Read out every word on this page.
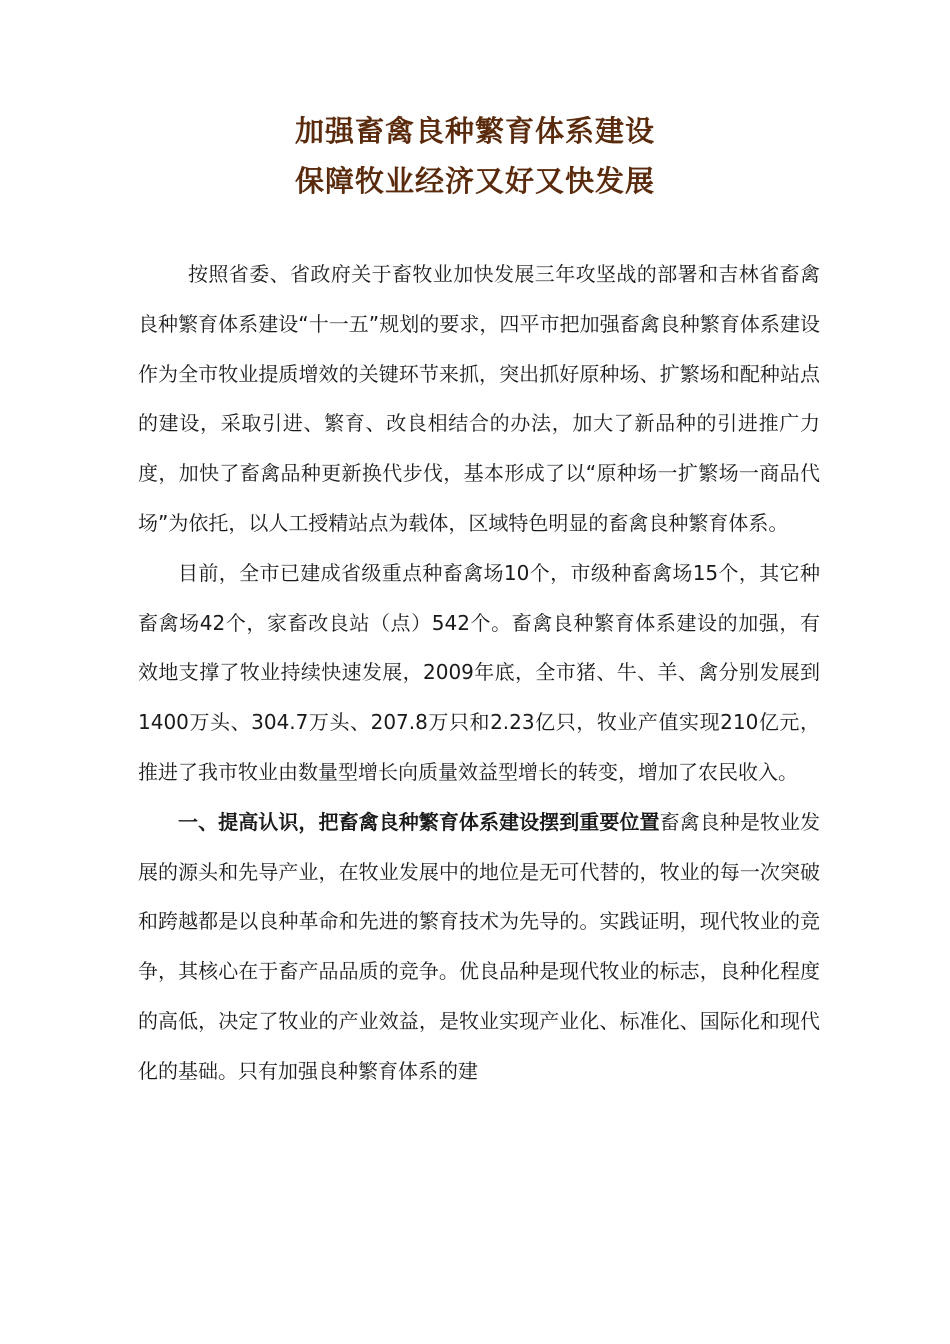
加强畜禽良种繁育体系建设
保障牧业经济又好又快发展

按照省委、省政府关于畜牧业加快发展三年攻坚战的部署和吉林省畜禽良种繁育体系建设“十一五”规划的要求，四平市把加强畜禽良种繁育体系建设作为全市牧业提质增效的关键环节来抓，突出抓好原种场、扩繁场和配种站点的建设，采取引进、繁育、改良相结合的办法，加大了新品种的引进推广力度，加快了畜禽品种更新换代步伐，基本形成了以“原种场一扩繁场一商品代场”为依托，以人工授精站点为载体，区域特色明显的畜禽良种繁育体系。

目前，全市已建成省级重点种畜禽场10个，市级种畜禽场15个，其它种畜禽场42个，家畜改良站（点）542个。畜禽良种繁育体系建设的加强，有效地支撑了牧业持续快速发展，2009年底，全市猪、牛、羊、禽分别发展到1400万头、304.7万头、207.8万只和2.23亿只，牧业产值实现210亿元，推进了我市牧业由数量型增长向质量效益型增长的转变，增加了农民收入。

一、提高认识，把畜禽良种繁育体系建设摆到重要位置畜禽良种是牧业发展的源头和先导产业，在牧业发展中的地位是无可代替的，牧业的每一次突破和跨越都是以良种革命和先进的繁育技术为先导的。实践证明，现代牧业的竞争，其核心在于畜产品品质的竞争。优良品种是现代牧业的标志，良种化程度的高低，决定了牧业的产业效益，是牧业实现产业化、标准化、国际化和现代化的基础。只有加强良种繁育体系的建
